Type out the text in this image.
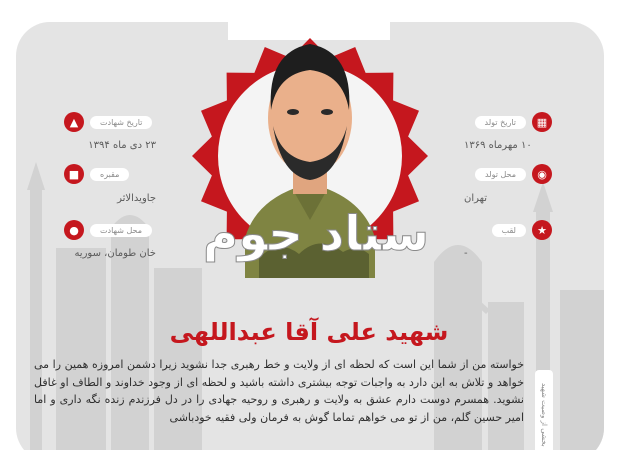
ستاد جوم
▲	تاریخ شهادت
۲۳ دی ماه ۱۳۹۴
■	مقبره
جاویدالاثر
●	محل شهادت
خان طومان، سوریه
تاریخ تولد	▦
۱۰ مهرماه ۱۳۶۹
محل تولد	◉
تهران
لقب	★
-
شهید علی آقا عبداللهی
خواسته من از شما این است که لحظه ای از ولایت و خط رهبری جدا نشوید زیرا دشمن امروزه همین را می خواهد و تلاش به این دارد به واجبات توجه بیشتری داشته باشید و لحظه ای از وجود خداوند و الطاف او غافل نشوید. همسرم دوست دارم عشق به ولایت و رهبری و روحیه جهادی را در دل فرزندم زنده نگه داری و اما امیر حسین گلم، من از تو می خواهم تماما گوش به فرمان ولی فقیه خودباشی	بخشی از وصیت شهید
